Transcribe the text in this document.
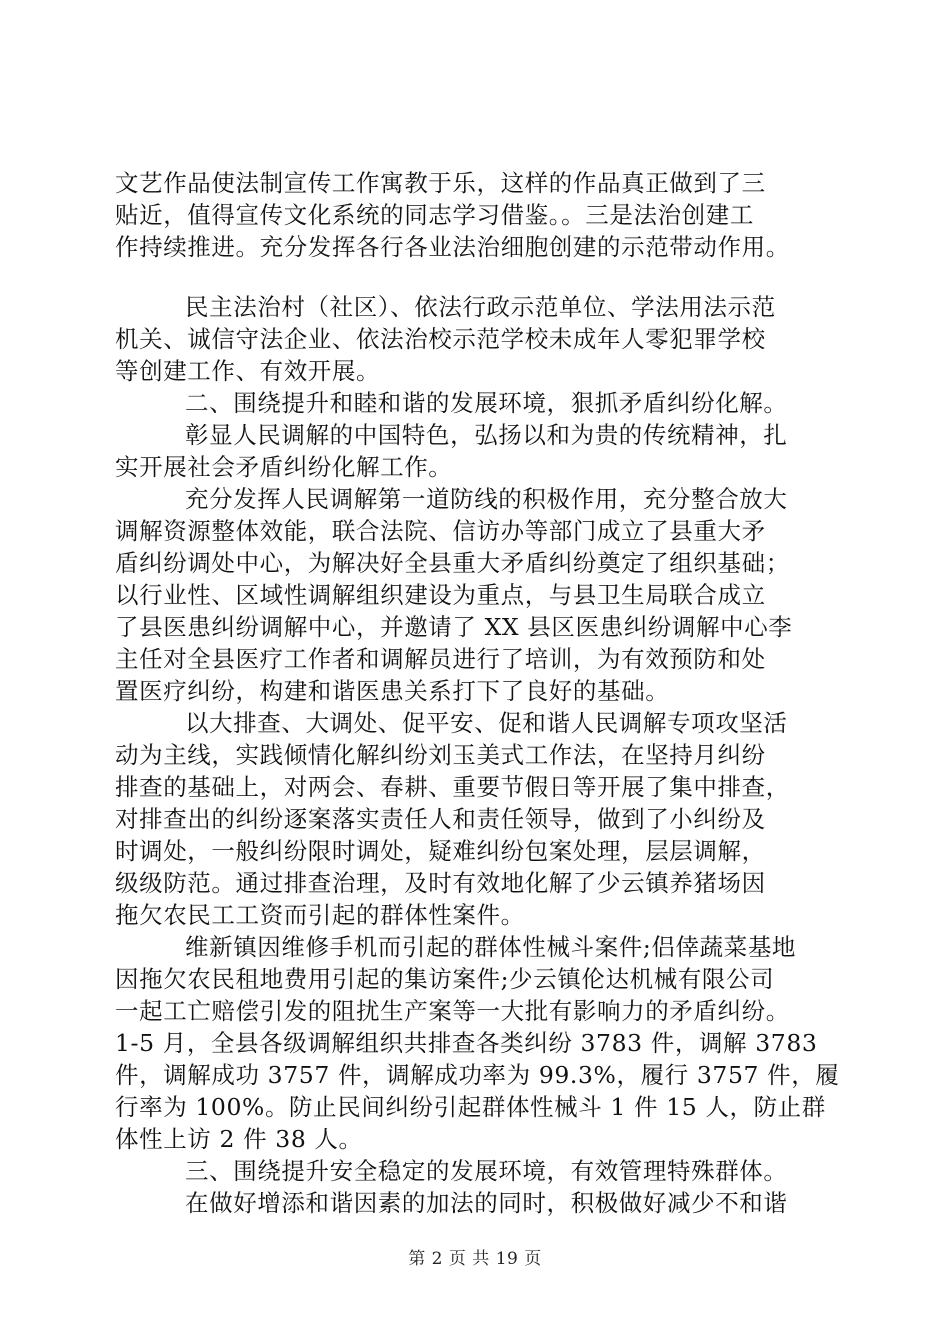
文艺作品使法制宣传工作寓教于乐，这样的作品真正做到了三
贴近，值得宣传文化系统的同志学习借鉴。。三是法治创建工
作持续推进。充分发挥各行各业法治细胞创建的示范带动作用。
民主法治村（社区）、依法行政示范单位、学法用法示范
机关、诚信守法企业、依法治校示范学校未成年人零犯罪学校
等创建工作、有效开展。
二、围绕提升和睦和谐的发展环境，狠抓矛盾纠纷化解。
彰显人民调解的中国特色，弘扬以和为贵的传统精神，扎
实开展社会矛盾纠纷化解工作。
充分发挥人民调解第一道防线的积极作用，充分整合放大
调解资源整体效能，联合法院、信访办等部门成立了县重大矛
盾纠纷调处中心，为解决好全县重大矛盾纠纷奠定了组织基础；
以行业性、区域性调解组织建设为重点，与县卫生局联合成立
了县医患纠纷调解中心，并邀请了 XX 县区医患纠纷调解中心李
主任对全县医疗工作者和调解员进行了培训，为有效预防和处
置医疗纠纷，构建和谐医患关系打下了良好的基础。
以大排查、大调处、促平安、促和谐人民调解专项攻坚活
动为主线，实践倾情化解纠纷刘玉美式工作法，在坚持月纠纷
排查的基础上，对两会、春耕、重要节假日等开展了集中排查，
对排查出的纠纷逐案落实责任人和责任领导，做到了小纠纷及
时调处，一般纠纷限时调处，疑难纠纷包案处理，层层调解，
级级防范。通过排查治理，及时有效地化解了少云镇养猪场因
拖欠农民工工资而引起的群体性案件。
维新镇因维修手机而引起的群体性械斗案件;侣倖蔬菜基地
因拖欠农民租地费用引起的集访案件;少云镇伦达机械有限公司
一起工亡赔偿引发的阻扰生产案等一大批有影响力的矛盾纠纷。
1-5 月，全县各级调解组织共排查各类纠纷 3783 件，调解 3783
件，调解成功 3757 件，调解成功率为 99.3%，履行 3757 件，履
行率为 100%。防止民间纠纷引起群体性械斗 1 件 15 人，防止群
体性上访 2 件 38 人。
三、围绕提升安全稳定的发展环境，有效管理特殊群体。
在做好增添和谐因素的加法的同时，积极做好减少不和谐
第 2 页 共 19 页
